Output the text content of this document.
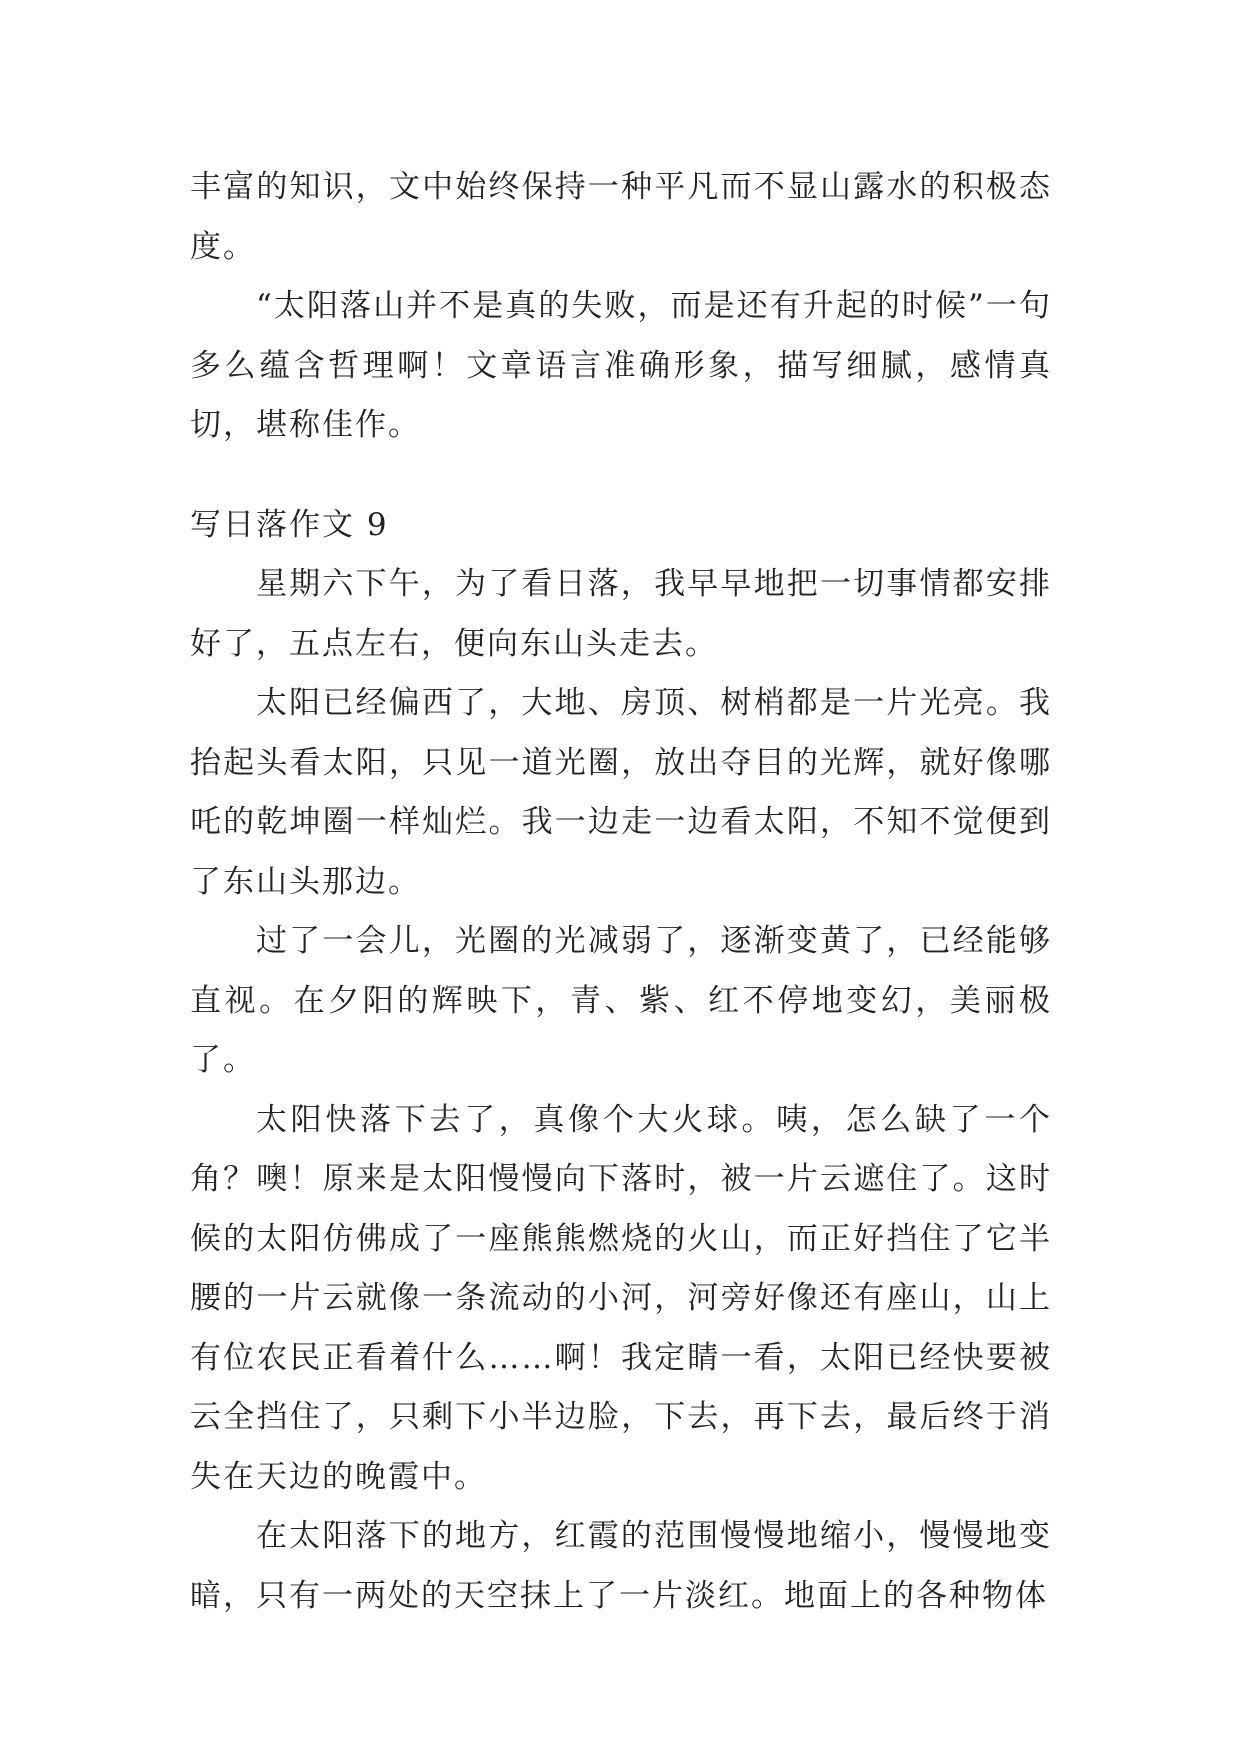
丰富的知识，文中始终保持一种平凡而不显山露水的积极态度。

“太阳落山并不是真的失败，而是还有升起的时候”一句多么蕴含哲理啊！文章语言准确形象，描写细腻，感情真切，堪称佳作。

写日落作文 9

星期六下午，为了看日落，我早早地把一切事情都安排好了，五点左右，便向东山头走去。

太阳已经偏西了，大地、房顶、树梢都是一片光亮。我抬起头看太阳，只见一道光圈，放出夺目的光辉，就好像哪吒的乾坤圈一样灿烂。我一边走一边看太阳，不知不觉便到了东山头那边。

过了一会儿，光圈的光减弱了，逐渐变黄了，已经能够直视。在夕阳的辉映下，青、紫、红不停地变幻，美丽极了。

太阳快落下去了，真像个大火球。咦，怎么缺了一个角？噢！原来是太阳慢慢向下落时，被一片云遮住了。这时候的太阳仿佛成了一座熊熊燃烧的火山，而正好挡住了它半腰的一片云就像一条流动的小河，河旁好像还有座山，山上有位农民正看着什么……啊！我定睛一看，太阳已经快要被云全挡住了，只剩下小半边脸，下去，再下去，最后终于消失在天边的晚霞中。

在太阳落下的地方，红霞的范围慢慢地缩小，慢慢地变暗，只有一两处的天空抹上了一片淡红。地面上的各种物体
